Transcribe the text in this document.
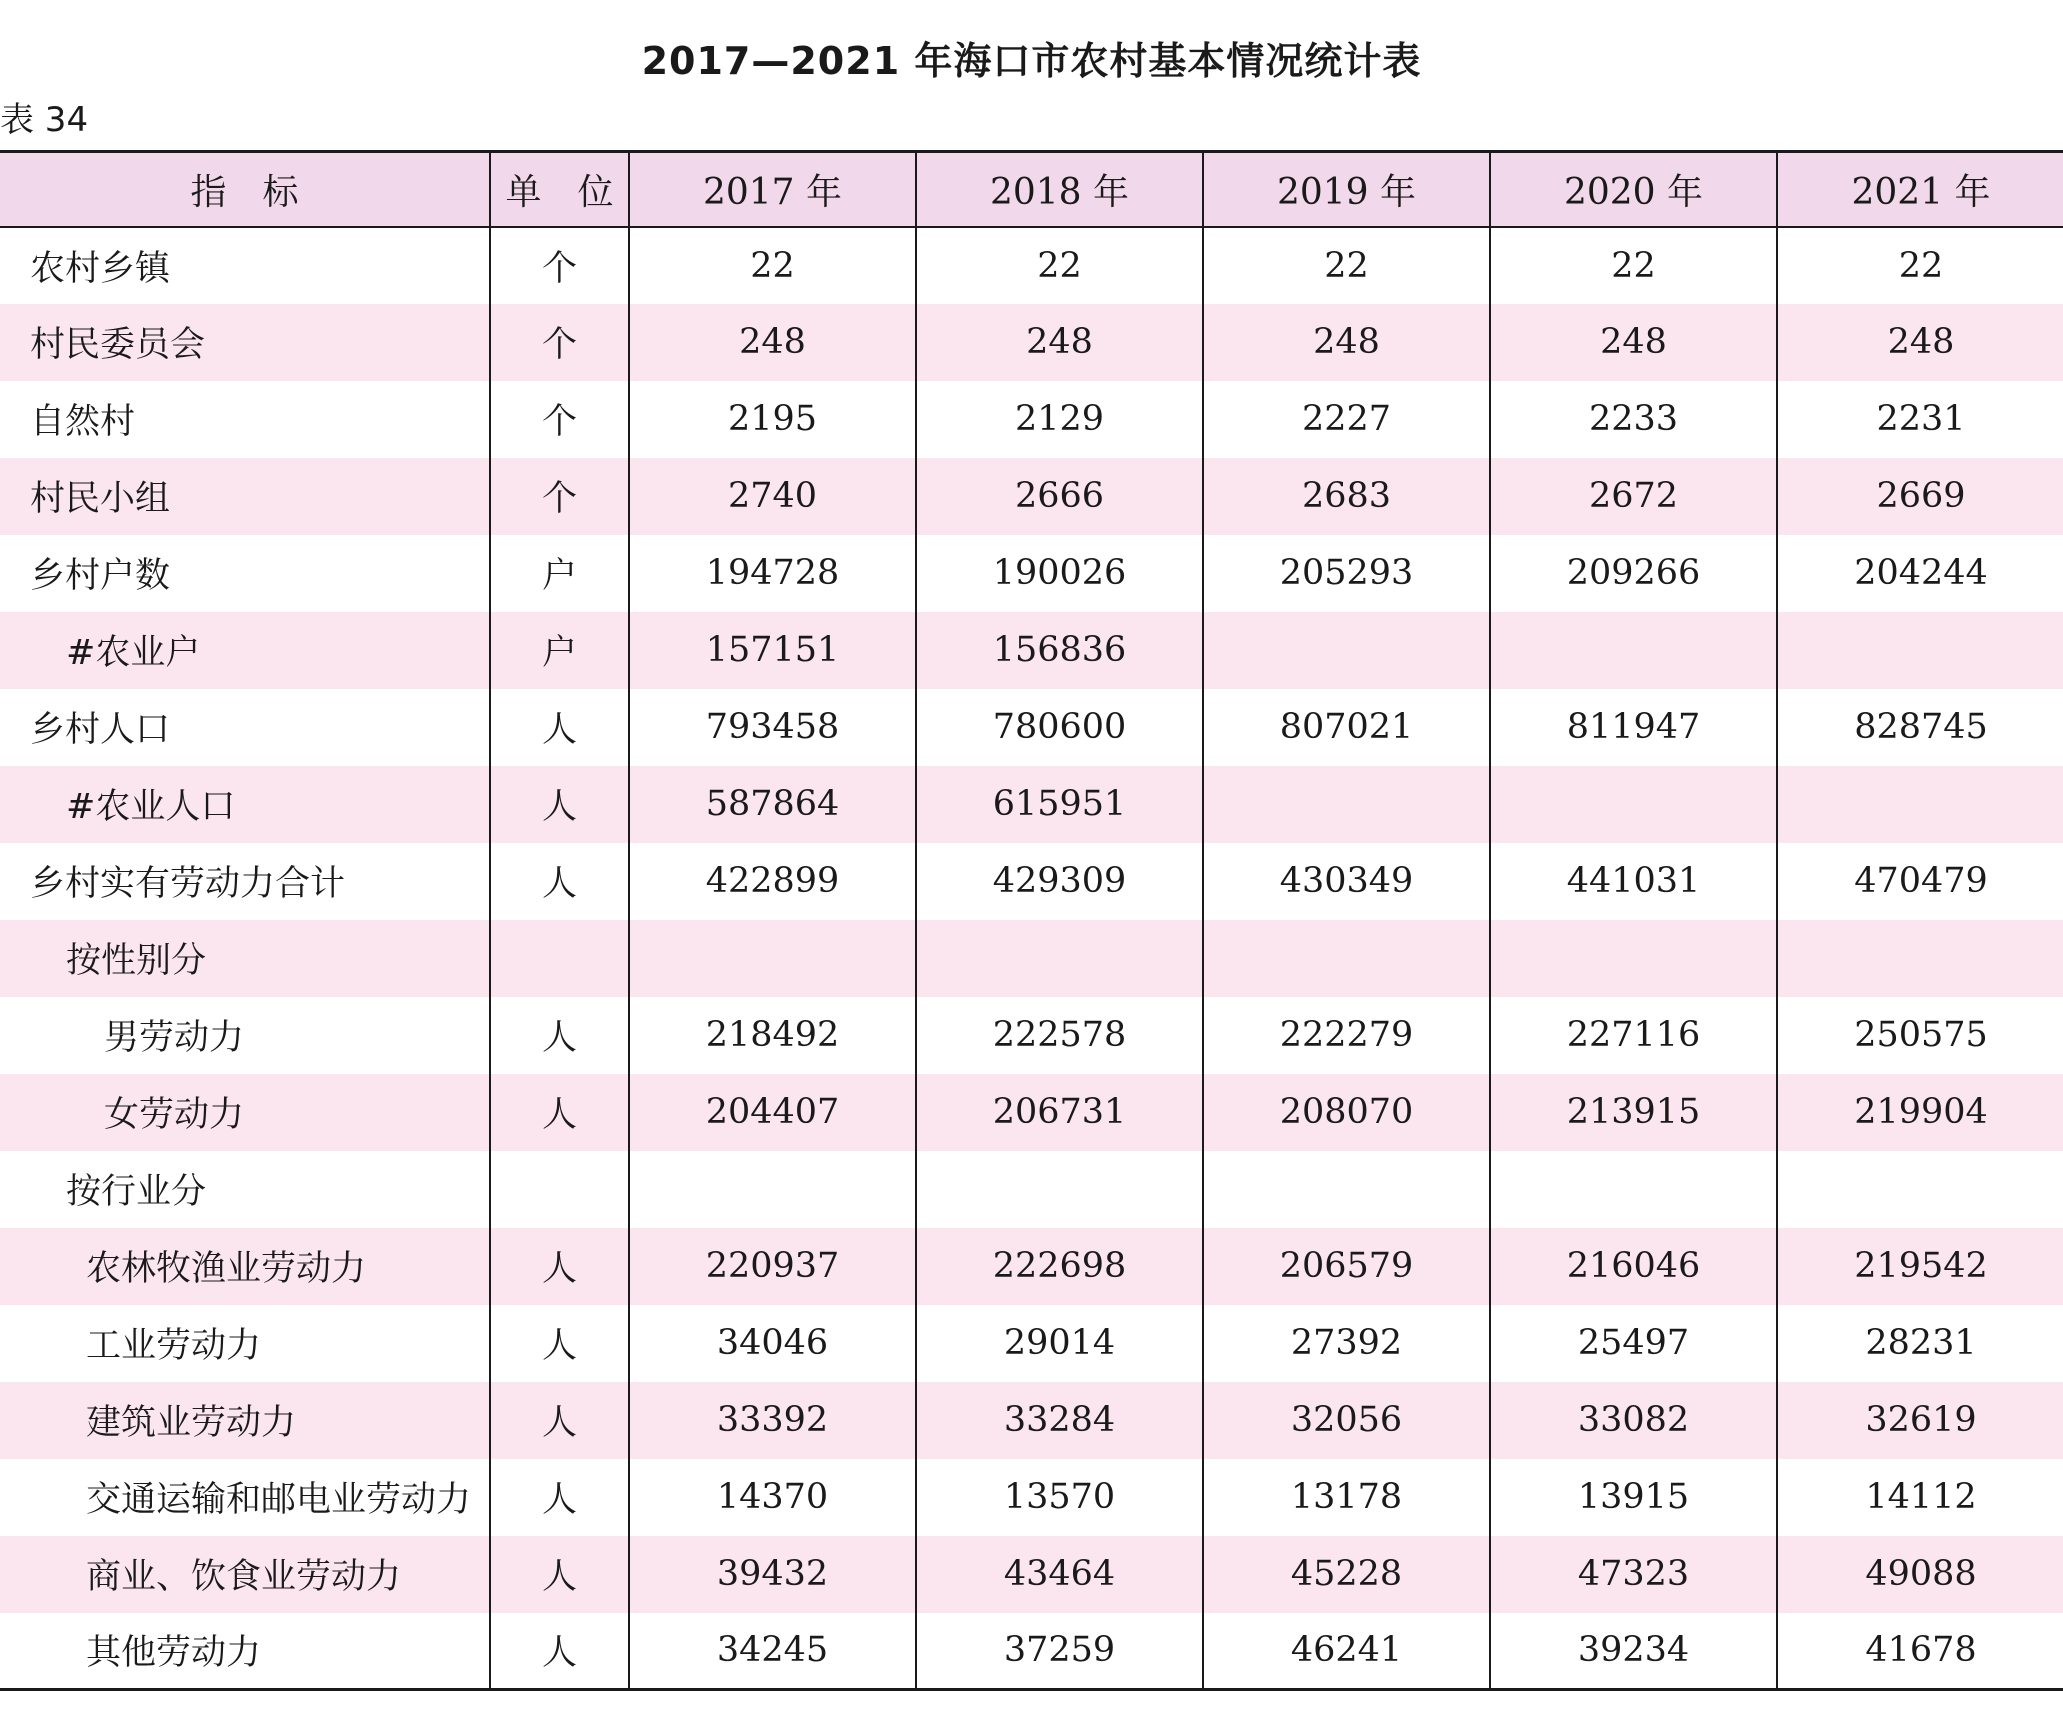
2017—2021 年海口市农村基本情况统计表
表 34
指　标	单　位	2017 年	2018 年	2019 年	2020 年	2021 年
农村乡镇	个	22	22	22	22	22
村民委员会	个	248	248	248	248	248
自然村	个	2195	2129	2227	2233	2231
村民小组	个	2740	2666	2683	2672	2669
乡村户数	户	194728	190026	205293	209266	204244
#农业户	户	157151	156836			
乡村人口	人	793458	780600	807021	811947	828745
#农业人口	人	587864	615951			
乡村实有劳动力合计	人	422899	429309	430349	441031	470479
按性别分						
男劳动力	人	218492	222578	222279	227116	250575
女劳动力	人	204407	206731	208070	213915	219904
按行业分						
农林牧渔业劳动力	人	220937	222698	206579	216046	219542
工业劳动力	人	34046	29014	27392	25497	28231
建筑业劳动力	人	33392	33284	32056	33082	32619
交通运输和邮电业劳动力	人	14370	13570	13178	13915	14112
商业、饮食业劳动力	人	39432	43464	45228	47323	49088
其他劳动力	人	34245	37259	46241	39234	41678
